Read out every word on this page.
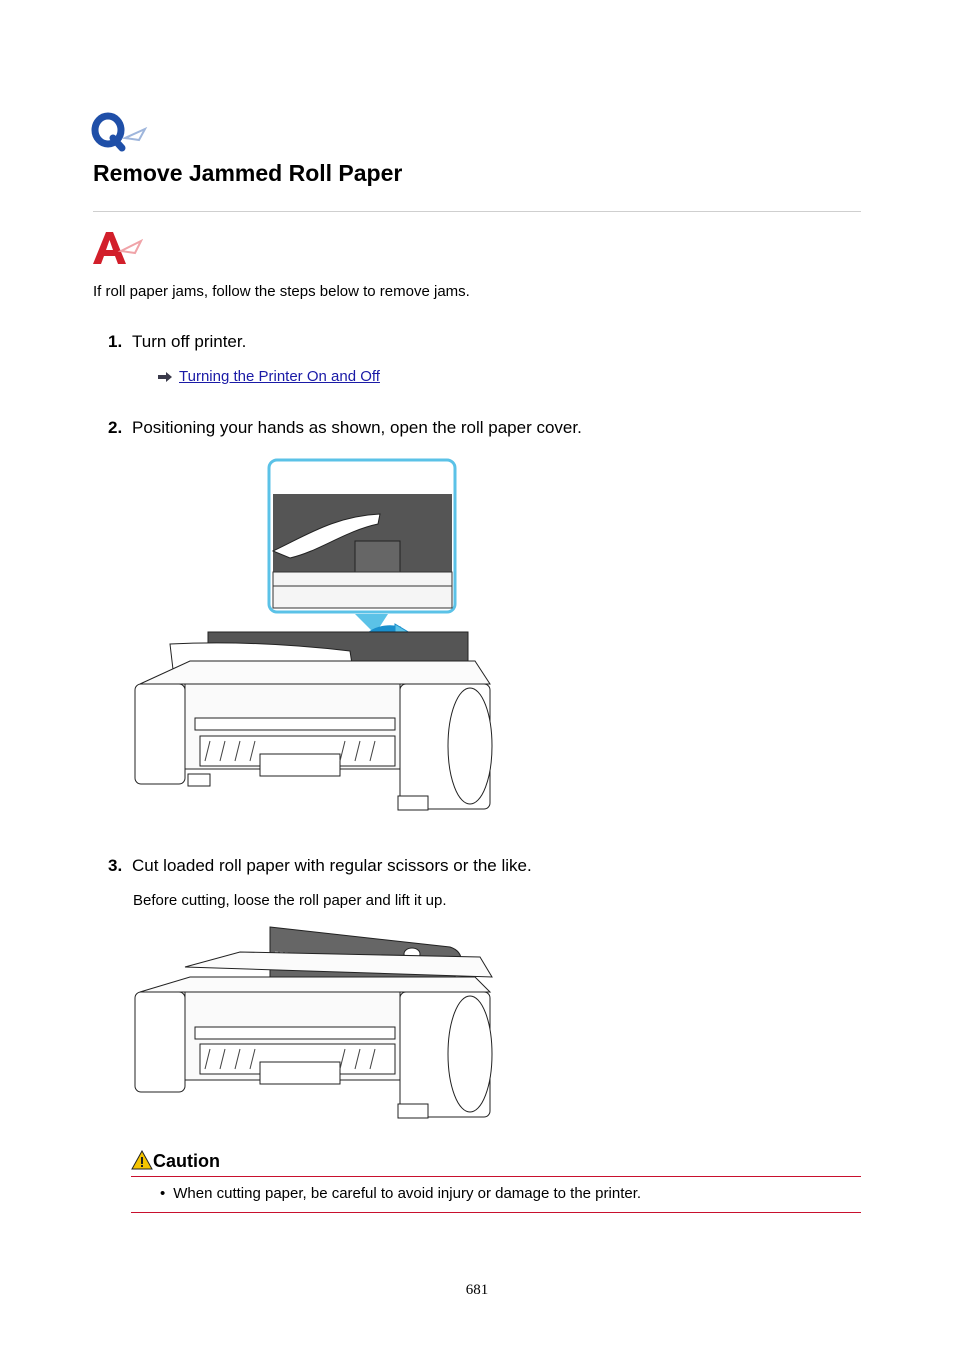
Remove Jammed Roll Paper
If roll paper jams, follow the steps below to remove jams.
1. Turn off printer.
Turning the Printer On and Off
2. Positioning your hands as shown, open the roll paper cover.
3. Cut loaded roll paper with regular scissors or the like.
Before cutting, loose the roll paper and lift it up.
Caution
• When cutting paper, be careful to avoid injury or damage to the printer.
681
